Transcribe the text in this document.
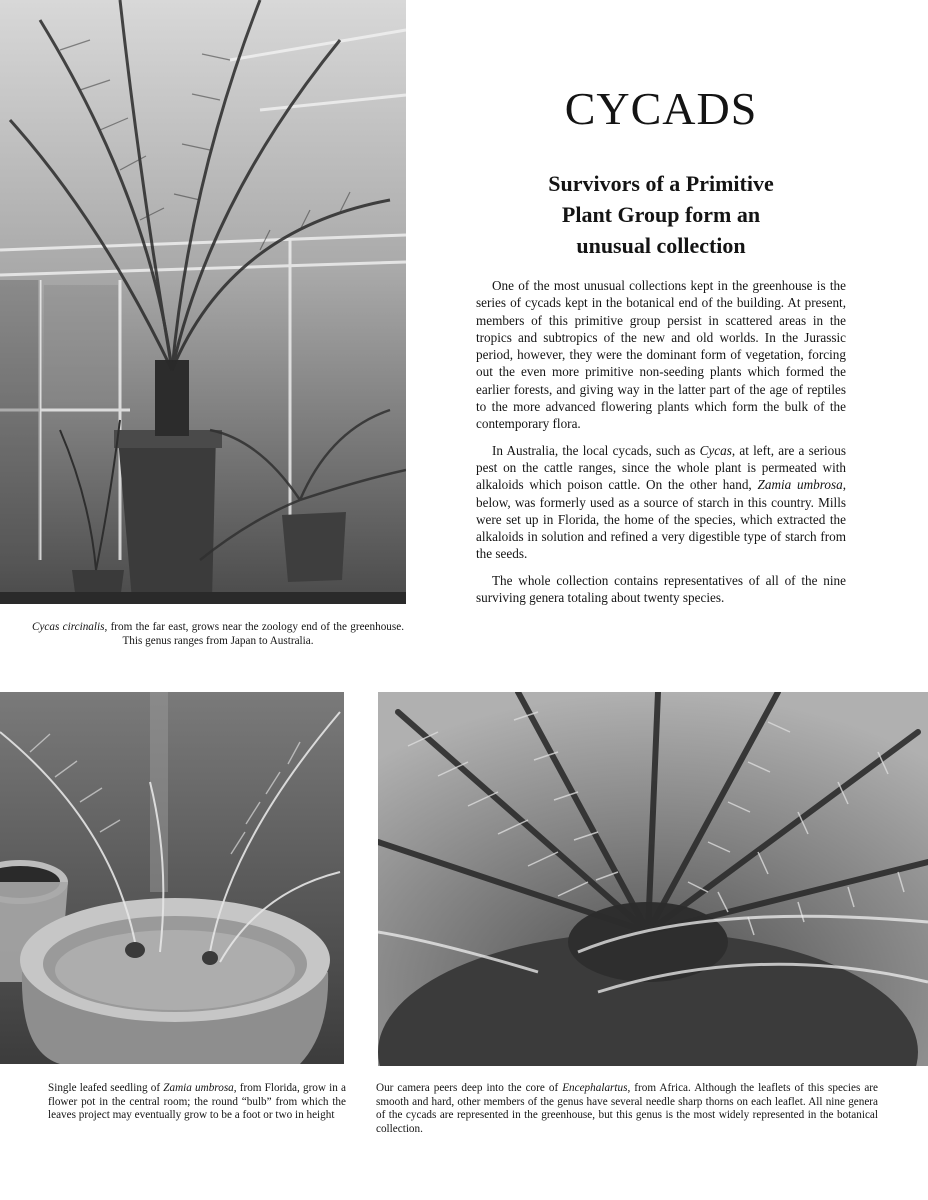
CYCADS
Survivors of a Primitive
Plant Group form an
unusual collection

One of the most unusual collections kept in the greenhouse is the series of cycads kept in the botanical end of the building. At present, members of this primitive group persist in scattered areas in the tropics and subtropics of the new and old worlds. In the Jurassic period, however, they were the dominant form of vegetation, forcing out the even more primitive non-seeding plants which formed the earlier forests, and giving way in the latter part of the age of reptiles to the more advanced flowering plants which form the bulk of the contemporary flora.

In Australia, the local cycads, such as Cycas, at left, are a serious pest on the cattle ranges, since the whole plant is permeated with alkaloids which poison cattle. On the other hand, Zamia umbrosa, below, was formerly used as a source of starch in this country. Mills were set up in Florida, the home of the species, which extracted the alkaloids in solution and refined a very digestible type of starch from the seeds.

The whole collection contains representatives of all of the nine surviving genera totaling about twenty species.

Cycas circinalis, from the far east, grows near the zoology end of the greenhouse. This genus ranges from Japan to Australia.
Single leafed seedling of Zamia umbrosa, from Florida, grow in a flower pot in the central room; the round “bulb” from which the leaves project may eventually grow to be a foot or two in height
Our camera peers deep into the core of Encephalartus, from Africa. Although the leaflets of this species are smooth and hard, other members of the genus have several needle sharp thorns on each leaflet. All nine genera of the cycads are represented in the greenhouse, but this genus is the most widely represented in the botanical collection.
